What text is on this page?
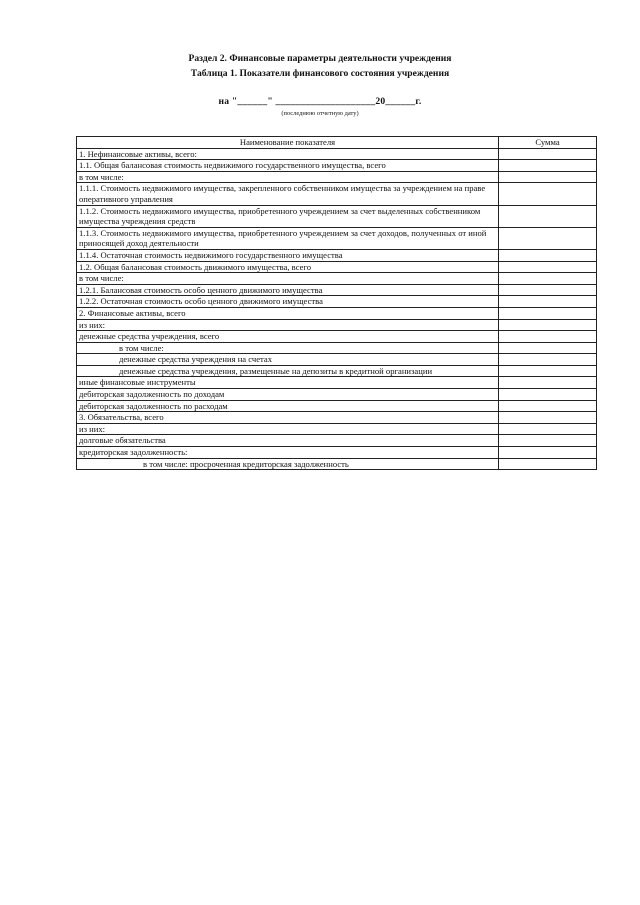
Раздел 2. Финансовые параметры деятельности учреждения
Таблица 1. Показатели финансового состояния учреждения
на "______" ____________________20______г.
(последнюю отчетную дату)
Наименование показателя	Сумма
1. Нефинансовые активы, всего:	
1.1. Общая балансовая стоимость недвижимого государственного имущества, всего	
в том числе:	
1.1.1. Стоимость недвижимого имущества, закрепленного собственником имущества за учреждением на праве оперативного управления	
1.1.2. Стоимость недвижимого имущества, приобретенного учреждением за счет выделенных собственником имущества учреждения средств	
1.1.3. Стоимость недвижимого имущества, приобретенного учреждением за счет доходов, полученных от иной приносящей доход деятельности	
1.1.4. Остаточная стоимость недвижимого государственного имущества	
1.2. Общая балансовая стоимость движимого имущества, всего	
в том числе:	
1.2.1. Балансовая стоимость особо ценного движимого имущества	
1.2.2. Остаточная стоимость особо ценного движимого имущества	
2. Финансовые активы, всего	
из них:	
денежные средства учреждения, всего	
в том числе:	
денежные средства учреждения на счетах	
денежные средства учреждения, размещенные на депозиты в кредитной организации	
иные финансовые инструменты	
дебиторская задолженность по доходам	
дебиторская задолженность по расходам	
3. Обязательства, всего	
из них:	
долговые обязательства	
кредиторская задолженность:	
в том числе: просроченная кредиторская задолженность	
